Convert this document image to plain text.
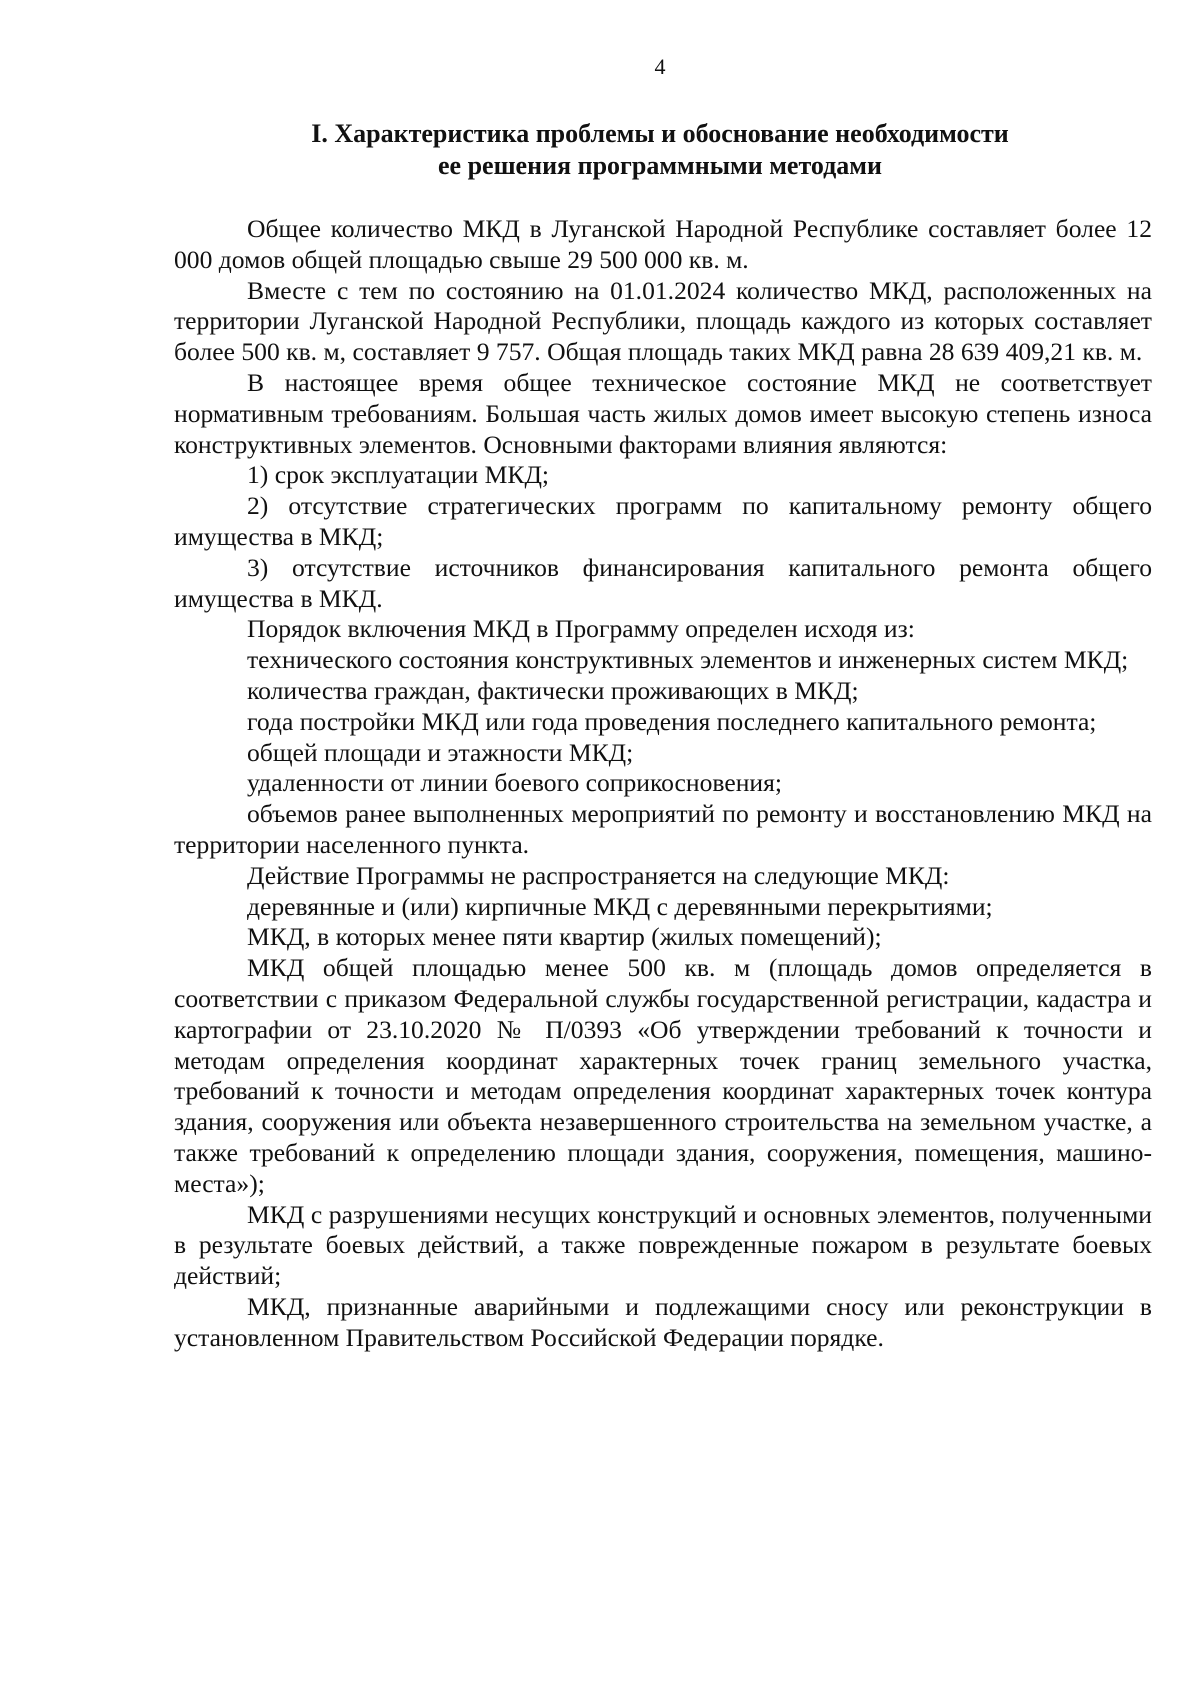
4
I. Характеристика проблемы и обоснование необходимости
ее решения программными методами

Общее количество МКД в Луганской Народной Республике составляет более 12 000 домов общей площадью свыше 29 500 000 кв. м.

Вместе с тем по состоянию на 01.01.2024 количество МКД, расположенных на территории Луганской Народной Республики, площадь каждого из которых составляет более 500 кв. м, составляет 9 757. Общая площадь таких МКД равна 28 639 409,21 кв. м.

В настоящее время общее техническое состояние МКД не соответствует нормативным требованиям. Большая часть жилых домов имеет высокую степень износа конструктивных элементов. Основными факторами влияния являются:

1) срок эксплуатации МКД;

2) отсутствие стратегических программ по капитальному ремонту общего имущества в МКД;

3) отсутствие источников финансирования капитального ремонта общего имущества в МКД.

Порядок включения МКД в Программу определен исходя из:

технического состояния конструктивных элементов и инженерных систем МКД;

количества граждан, фактически проживающих в МКД;

года постройки МКД или года проведения последнего капитального ремонта;

общей площади и этажности МКД;

удаленности от линии боевого соприкосновения;

объемов ранее выполненных мероприятий по ремонту и восстановлению МКД на территории населенного пункта.

Действие Программы не распространяется на следующие МКД:

деревянные и (или) кирпичные МКД с деревянными перекрытиями;

МКД, в которых менее пяти квартир (жилых помещений);

МКД общей площадью менее 500 кв. м (площадь домов определяется в соответствии с приказом Федеральной службы государственной регистрации, кадастра и картографии от 23.10.2020 № П/0393 «Об утверждении требований к точности и методам определения координат характерных точек границ земельного участка, требований к точности и методам определения координат характерных точек контура здания, сооружения или объекта незавершенного строительства на земельном участке, а также требований к определению площади здания, сооружения, помещения, машино-места»);

МКД с разрушениями несущих конструкций и основных элементов, полученными в результате боевых действий, а также поврежденные пожаром в результате боевых действий;

МКД, признанные аварийными и подлежащими сносу или реконструкции в установленном Правительством Российской Федерации порядке.
